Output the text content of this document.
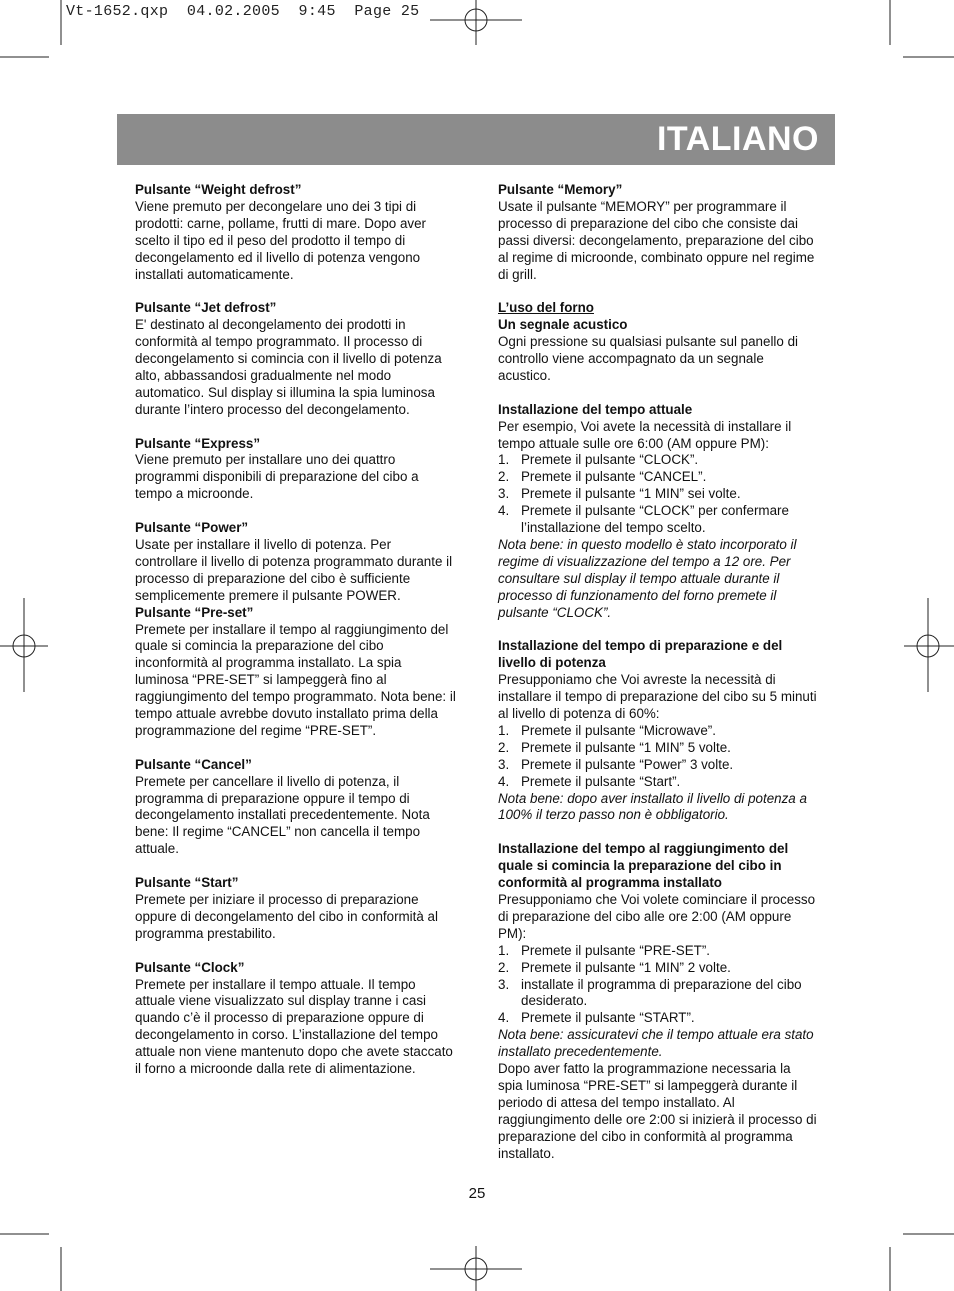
Vt-1652.qxp  04.02.2005  9:45  Page 25
ITALIANO
Pulsante “Weight defrost”

Viene premuto per decongelare uno dei 3 tipi di prodotti: carne, pollame, frutti di mare. Dopo aver scelto il tipo ed il peso del prodotto il tempo di decongelamento ed il livello di potenza vengono installati automaticamente.

Pulsante “Jet defrost”

E' destinato al decongelamento dei prodotti in conformità al tempo programmato. Il processo di decongelamento si comincia con il livello di potenza alto, abbassandosi gradualmente nel modo automatico. Sul display si illumina la spia luminosa durante l’intero processo del decongelamento.

Pulsante “Express”

Viene premuto per installare uno dei quattro programmi disponibili di preparazione del cibo a tempo a microonde.

Pulsante “Power”

Usate per installare il livello di potenza. Per controllare il livello di potenza programmato durante il processo di preparazione del cibo è sufficiente semplicemente premere il pulsante POWER.

Pulsante “Pre-set”

Premete per installare il tempo al raggiungimento del quale si comincia la preparazione del cibo inconformità al programma installato. La spia luminosa “PRE-SET” si lampeggerà fino al raggiungimento del tempo programmato. Nota bene: il tempo attuale avrebbe dovuto installato prima della programmazione del regime “PRE-SET”.

Pulsante “Cancel”

Premete per cancellare il livello di potenza, il programma di preparazione oppure il tempo di decongelamento installati precedentemente. Nota bene: Il regime “CANCEL” non cancella il tempo attuale.

Pulsante “Start”

Premete per iniziare il processo di preparazione oppure di decongelamento del cibo in conformità al programma prestabilito.

Pulsante “Clock”

Premete per installare il tempo attuale. Il tempo attuale viene visualizzato sul display tranne i casi quando c’è il processo di preparazione oppure di decongelamento in corso. L’installazione del tempo attuale non viene mantenuto dopo che avete staccato il forno a microonde dalla rete di alimentazione.

Pulsante “Memory”

Usate il pulsante “MEMORY” per programmare il processo di preparazione del cibo che consiste dai passi diversi: decongelamento, preparazione del cibo al regime di microonde, combinato oppure nel regime di grill.

L’uso del forno
Un segnale acustico

Ogni pressione su qualsiasi pulsante sul panello di controllo viene accompagnato da un segnale acustico.

Installazione del tempo attuale

Per esempio, Voi avete la necessità di installare il tempo attuale sulle ore 6:00 (AM oppure PM):

1. Premete il pulsante “CLOCK”.
2. Premete il pulsante “CANCEL”.
3. Premete il pulsante “1 MIN” sei volte.
4. Premete il pulsante “CLOCK” per confermare l’installazione del tempo scelto.

Nota bene: in questo modello è stato incorporato il regime di visualizzazione del tempo a 12 ore. Per consultare sul display il tempo attuale durante il processo di funzionamento del forno premete il pulsante “CLOCK”.

Installazione del tempo di preparazione e del livello di potenza

Presupponiamo che Voi avreste la necessità di installare il tempo di preparazione del cibo su 5 minuti al livello di potenza di 60%:

1. Premete il pulsante “Microwave”.
2. Premete il pulsante “1 MIN” 5 volte.
3. Premete il pulsante “Power” 3 volte.
4. Premete il pulsante “Start”.

Nota bene: dopo aver installato il livello di potenza a 100% il terzo passo non è obbligatorio.

Installazione del tempo al raggiungimento del quale si comincia la preparazione del cibo in conformità al programma installato

Presupponiamo che Voi volete cominciare il processo di preparazione del cibo alle ore 2:00 (AM oppure PM):

1. Premete il pulsante “PRE-SET”.
2. Premete il pulsante “1 MIN” 2 volte.
3. installate il programma di preparazione del cibo desiderato.
4. Premete il pulsante “START”.

Nota bene: assicuratevi che il tempo attuale era stato installato precedentemente.

Dopo aver fatto la programmazione necessaria la spia luminosa “PRE-SET” si lampeggerà durante il periodo di attesa del tempo installato. Al raggiungimento delle ore 2:00 si inizierà il processo di preparazione del cibo in conformità al programma installato.

25
